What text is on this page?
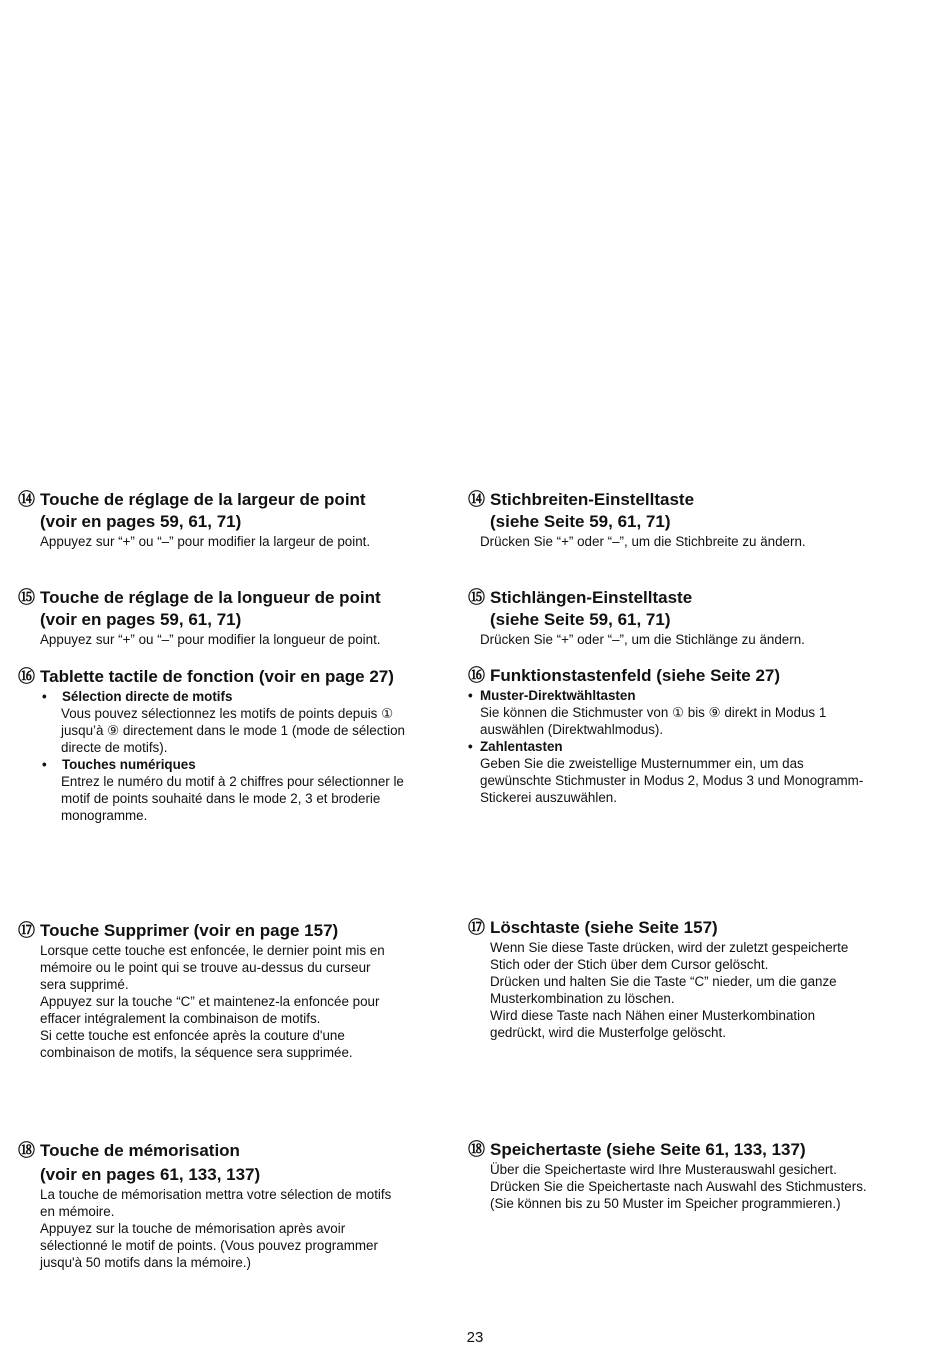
⑭ Touche de réglage de la largeur de point
(voir en pages 59, 61, 71)

Appuyez sur “+” ou “–” pour modifier la largeur de point.

⑮ Touche de réglage de la longueur de point
(voir en pages 59, 61, 71)

Appuyez sur “+” ou “–” pour modifier la longueur de point.

⑯ Tablette tactile de fonction (voir en page 27)
• Sélection directe de motifs

Vous pouvez sélectionnez les motifs de points depuis ①

jusqu’à ⑨ directement dans le mode 1 (mode de sélection

directe de motifs).

• Touches numériques

Entrez le numéro du motif à 2 chiffres pour sélectionner le

motif de points souhaité dans le mode 2, 3 et broderie

monogramme.

⑰ Touche Supprimer (voir en page 157)

Lorsque cette touche est enfoncée, le dernier point mis en

mémoire ou le point qui se trouve au-dessus du curseur

sera supprimé.

Appuyez sur la touche “C” et maintenez-la enfoncée pour

effacer intégralement la combinaison de motifs.

Si cette touche est enfoncée après la couture d'une

combinaison de motifs, la séquence sera supprimée.

⑱ Touche de mémorisation
(voir en pages 61, 133, 137)

La touche de mémorisation mettra votre sélection de motifs

en mémoire.

Appuyez sur la touche de mémorisation après avoir

sélectionné le motif de points. (Vous pouvez programmer

jusqu'à 50 motifs dans la mémoire.)

⑭ Stichbreiten-Einstelltaste
(siehe Seite 59, 61, 71)

Drücken Sie “+” oder “–”, um die Stichbreite zu ändern.

⑮ Stichlängen-Einstelltaste
(siehe Seite 59, 61, 71)

Drücken Sie “+” oder “–”, um die Stichlänge zu ändern.

⑯ Funktionstastenfeld (siehe Seite 27)
• Muster-Direktwähltasten

Sie können die Stichmuster von ① bis ⑨ direkt in Modus 1

auswählen (Direktwahlmodus).

• Zahlentasten

Geben Sie die zweistellige Musternummer ein, um das

gewünschte Stichmuster in Modus 2, Modus 3 und Monogramm-

Stickerei auszuwählen.

⑰ Löschtaste (siehe Seite 157)

Wenn Sie diese Taste drücken, wird der zuletzt gespeicherte

Stich oder der Stich über dem Cursor gelöscht.

Drücken und halten Sie die Taste “C” nieder, um die ganze

Musterkombination zu löschen.

Wird diese Taste nach Nähen einer Musterkombination

gedrückt, wird die Musterfolge gelöscht.

⑱ Speichertaste (siehe Seite 61, 133, 137)

Über die Speichertaste wird Ihre Musterauswahl gesichert.

Drücken Sie die Speichertaste nach Auswahl des Stichmusters.

(Sie können bis zu 50 Muster im Speicher programmieren.)

23
